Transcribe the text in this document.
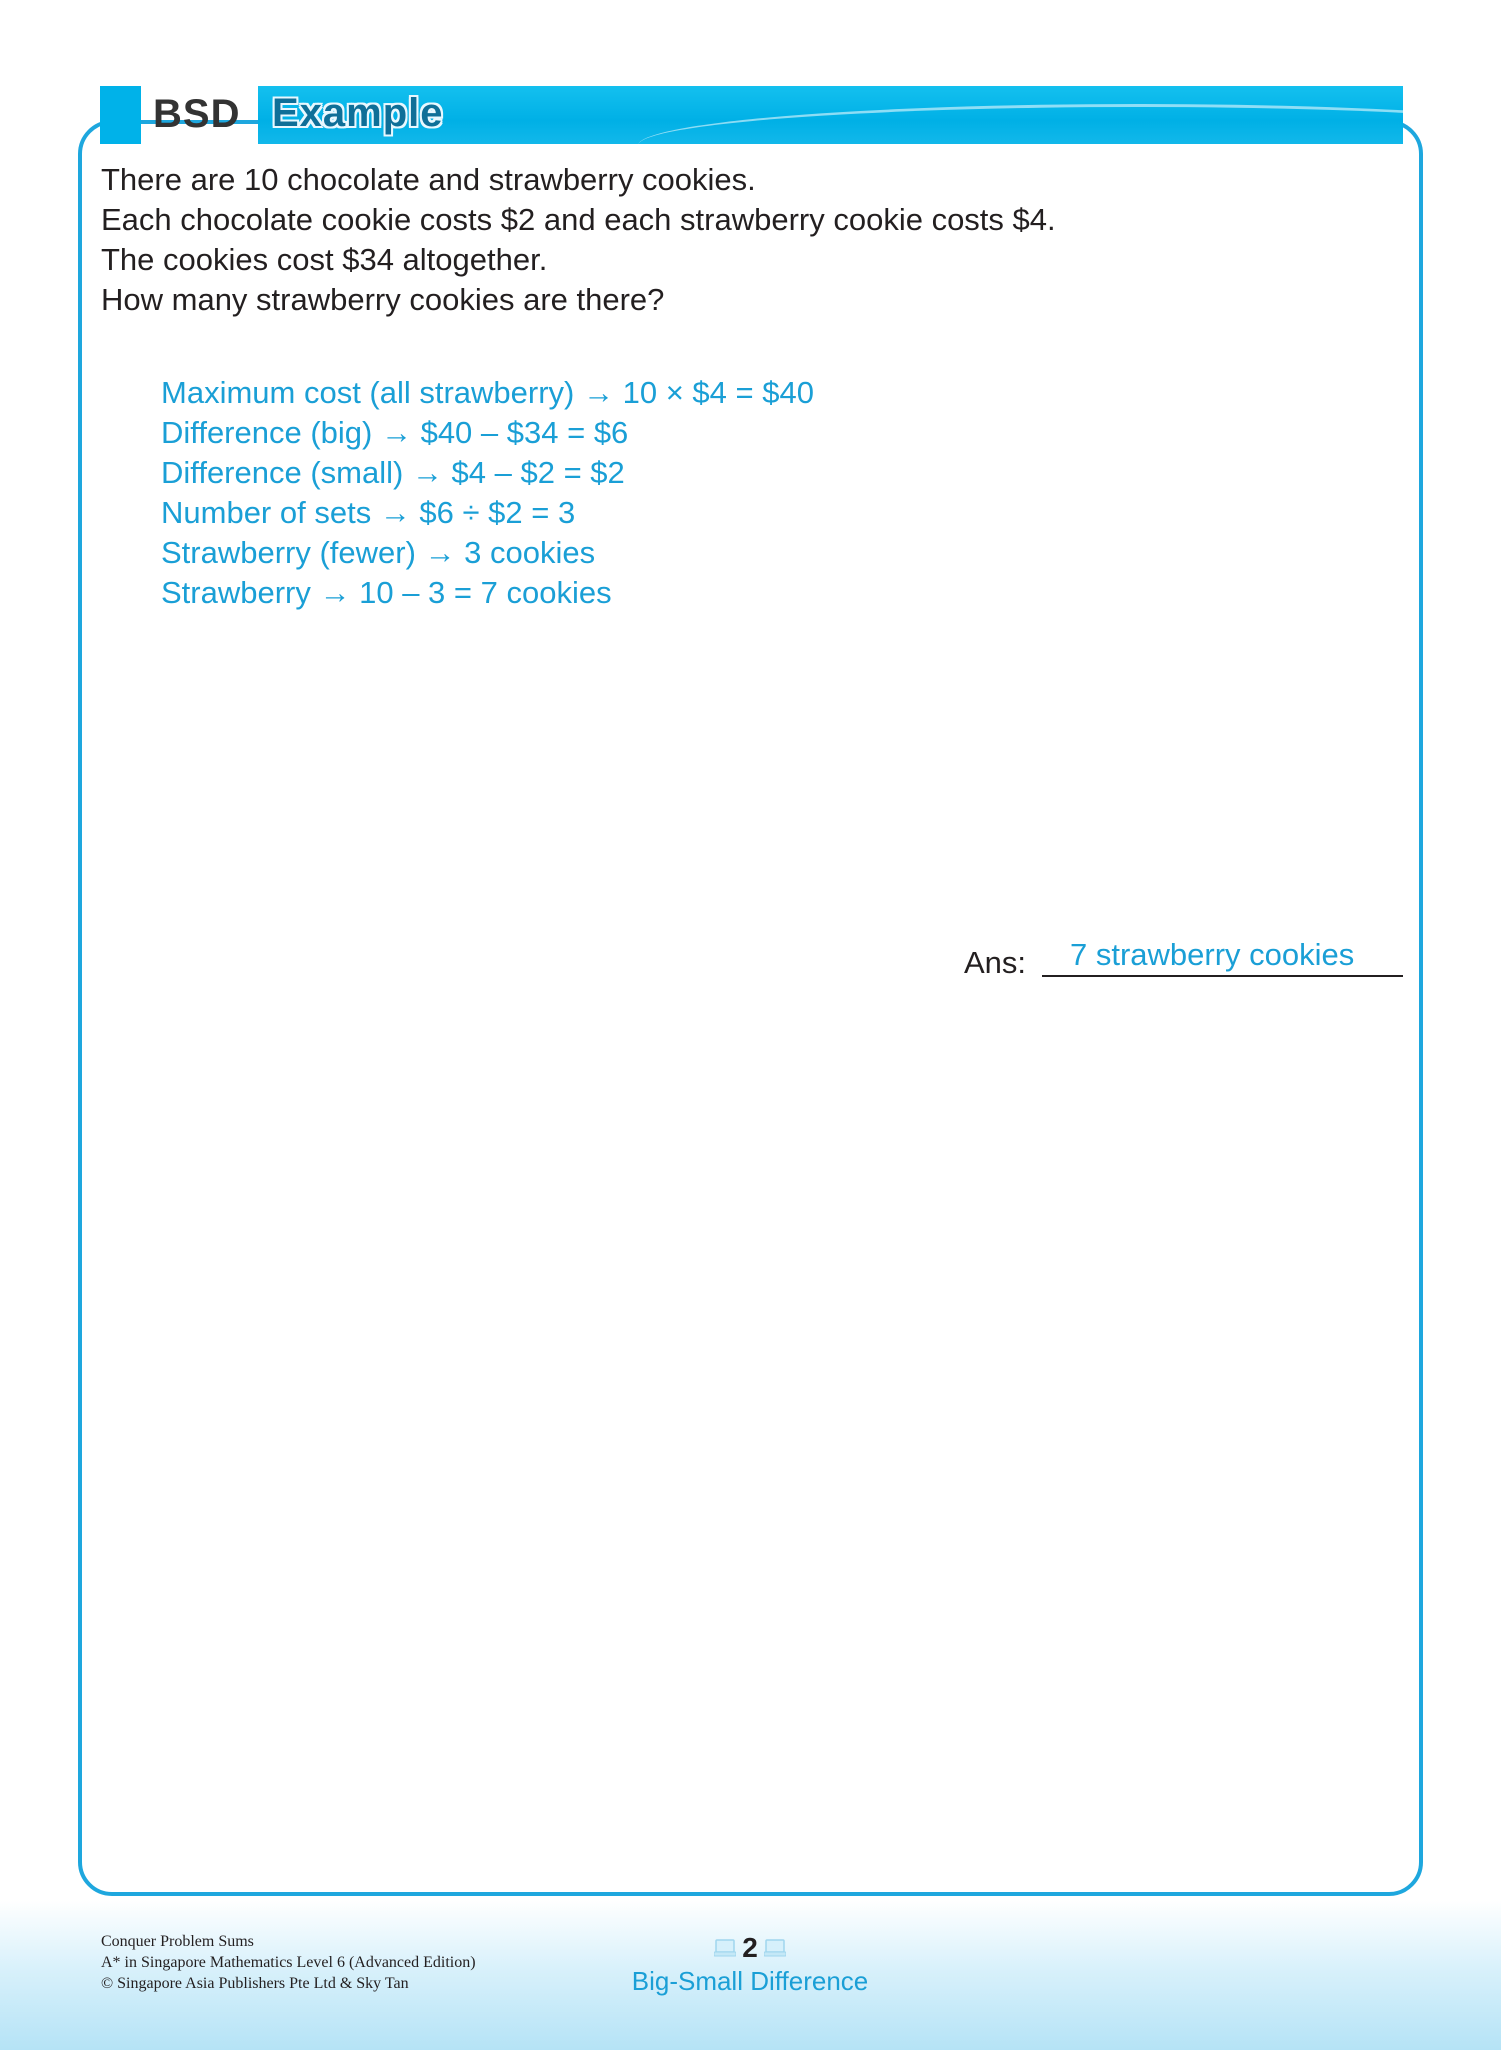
BSD Example
There are 10 chocolate and strawberry cookies.
Each chocolate cookie costs $2 and each strawberry cookie costs $4.
The cookies cost $34 altogether.
How many strawberry cookies are there?
Maximum cost (all strawberry) → 10 × $4 = $40
Difference (big) → $40 – $34 = $6
Difference (small) → $4 – $2 = $2
Number of sets → $6 ÷ $2 = 3
Strawberry (fewer) → 3 cookies
Strawberry → 10 – 3 = 7 cookies
Ans: 7 strawberry cookies
Conquer Problem Sums
A* in Singapore Mathematics Level 6 (Advanced Edition)
© Singapore Asia Publishers Pte Ltd & Sky Tan
2
Big-Small Difference
